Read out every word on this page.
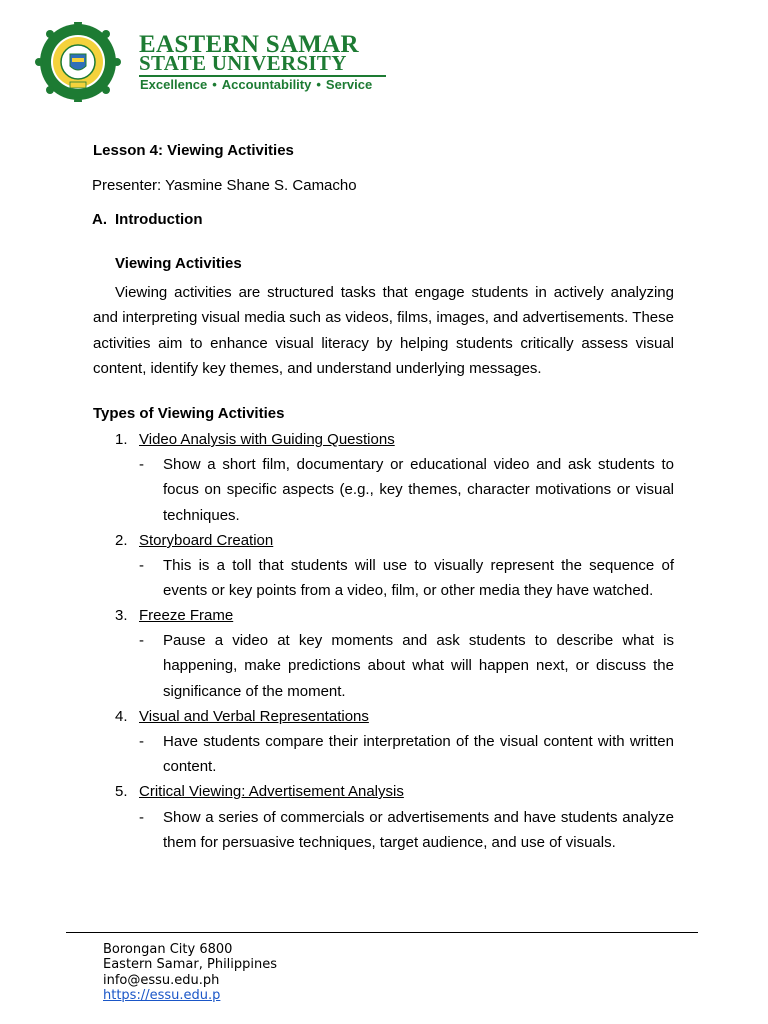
EASTERN SAMAR
STATE UNIVERSITY
Excellence • Accountability • Service
Lesson 4: Viewing Activities
Presenter: Yasmine Shane S. Camacho
A. Introduction
Viewing Activities
Viewing activities are structured tasks that engage students in actively analyzing and interpreting visual media such as videos, films, images, and advertisements. These activities aim to enhance visual literacy by helping students critically assess visual content, identify key themes, and understand underlying messages.
Types of Viewing Activities
1. Video Analysis with Guiding Questions
- Show a short film, documentary or educational video and ask students to focus on specific aspects (e.g., key themes, character motivations or visual techniques.
2. Storyboard Creation
- This is a toll that students will use to visually represent the sequence of events or key points from a video, film, or other media they have watched.
3. Freeze Frame
- Pause a video at key moments and ask students to describe what is happening, make predictions about what will happen next, or discuss the significance of the moment.
4. Visual and Verbal Representations
- Have students compare their interpretation of the visual content with written content.
5. Critical Viewing: Advertisement Analysis
- Show a series of commercials or advertisements and have students analyze them for persuasive techniques, target audience, and use of visuals.
Borongan City 6800
Eastern Samar, Philippines
info@essu.edu.ph
https://essu.edu.p
